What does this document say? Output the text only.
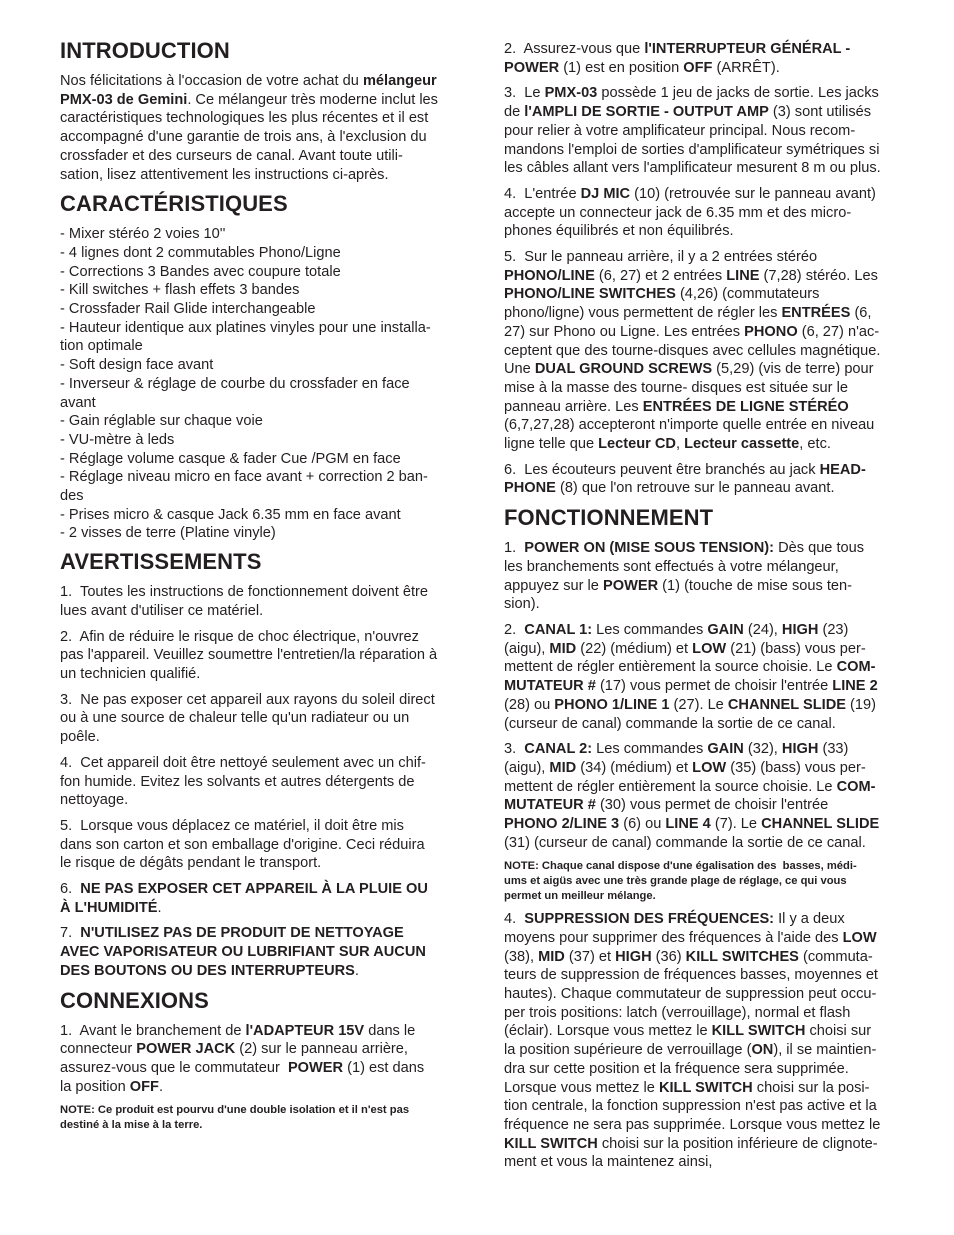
INTRODUCTION

Nos félicitations à l'occasion de votre achat du mélangeur PMX-03 de Gemini. Ce mélangeur très moderne inclut les caractéristiques technologiques les plus récentes et il est accompagné d'une garantie de trois ans, à l'exclusion du crossfader et des curseurs de canal. Avant toute utili-
sation, lisez attentivement les instructions ci-après.

CARACTÉRISTIQUES
- Mixer stéréo 2 voies 10''
- 4 lignes dont 2 commutables Phono/Ligne
- Corrections 3 Bandes avec coupure totale
- Kill switches + flash effets 3 bandes
- Crossfader Rail Glide interchangeable
- Hauteur identique aux platines vinyles pour une installa-
tion optimale
- Soft design face avant
- Inverseur & réglage de courbe du crossfader en face
avant
- Gain réglable sur chaque voie
- VU-mètre à leds
- Réglage volume casque & fader Cue /PGM en face
- Réglage niveau micro en face avant + correction 2 ban-
des
- Prises micro & casque Jack 6.35 mm en face avant
- 2 visses de terre (Platine vinyle)
AVERTISSEMENTS

1.  Toutes les instructions de fonctionnement doivent être
lues avant d'utiliser ce matériel.

2.  Afin de réduire le risque de choc électrique, n'ouvrez
pas l'appareil. Veuillez soumettre l'entretien/la réparation à
un technicien qualifié.

3.  Ne pas exposer cet appareil aux rayons du soleil direct
ou à une source de chaleur telle qu'un radiateur ou un
poêle.

4.  Cet appareil doit être nettoyé seulement avec un chif-
fon humide. Evitez les solvants et autres détergents de
nettoyage.

5.  Lorsque vous déplacez ce matériel, il doit être mis
dans son carton et son emballage d'origine. Ceci réduira
le risque de dégâts pendant le transport.

6.  NE PAS EXPOSER CET APPAREIL À LA PLUIE OU
À L'HUMIDITÉ.

7.  N'UTILISEZ PAS DE PRODUIT DE NETTOYAGE
AVEC VAPORISATEUR OU LUBRIFIANT SUR AUCUN
DES BOUTONS OU DES INTERRUPTEURS.

CONNEXIONS

1.  Avant le branchement de l'ADAPTEUR 15V dans le
connecteur POWER JACK (2) sur le panneau arrière,
assurez-vous que le commutateur  POWER (1) est dans
la position OFF.

NOTE: Ce produit est pourvu d'une double isolation et il n'est pas
destiné à la mise à la terre.

2.  Assurez-vous que l'INTERRUPTEUR GÉNÉRAL -
POWER (1) est en position OFF (ARRÊT).

3.  Le PMX-03 possède 1 jeu de jacks de sortie. Les jacks
de l'AMPLI DE SORTIE - OUTPUT AMP (3) sont utilisés
pour relier à votre amplificateur principal. Nous recom-
mandons l'emploi de sorties d'amplificateur symétriques si
les câbles allant vers l'amplificateur mesurent 8 m ou plus.

4.  L'entrée DJ MIC (10) (retrouvée sur le panneau avant)
accepte un connecteur jack de 6.35 mm et des micro-
phones équilibrés et non équilibrés.

5.  Sur le panneau arrière, il y a 2 entrées stéréo
PHONO/LINE (6, 27) et 2 entrées LINE (7,28) stéréo. Les
PHONO/LINE SWITCHES (4,26) (commutateurs
phono/ligne) vous permettent de régler les ENTRÉES (6,
27) sur Phono ou Ligne. Les entrées PHONO (6, 27) n'ac-
ceptent que des tourne-disques avec cellules magnétique.
Une DUAL GROUND SCREWS (5,29) (vis de terre) pour
mise à la masse des tourne- disques est située sur le
panneau arrière. Les ENTRÉES DE LIGNE STÉRÉO
(6,7,27,28) accepteront n'importe quelle entrée en niveau
ligne telle que Lecteur CD, Lecteur cassette, etc.

6.  Les écouteurs peuvent être branchés au jack HEAD-
PHONE (8) que l'on retrouve sur le panneau avant.

FONCTIONNEMENT

1.  POWER ON (MISE SOUS TENSION): Dès que tous
les branchements sont effectués à votre mélangeur,
appuyez sur le POWER (1) (touche de mise sous ten-
sion).

2.  CANAL 1: Les commandes GAIN (24), HIGH (23)
(aigu), MID (22) (médium) et LOW (21) (bass) vous per-
mettent de régler entièrement la source choisie. Le COM-
MUTATEUR # (17) vous permet de choisir l'entrée LINE 2
(28) ou PHONO 1/LINE 1 (27). Le CHANNEL SLIDE (19)
(curseur de canal) commande la sortie de ce canal.

3.  CANAL 2: Les commandes GAIN (32), HIGH (33)
(aigu), MID (34) (médium) et LOW (35) (bass) vous per-
mettent de régler entièrement la source choisie. Le COM-
MUTATEUR # (30) vous permet de choisir l'entrée
PHONO 2/LINE 3 (6) ou LINE 4 (7). Le CHANNEL SLIDE
(31) (curseur de canal) commande la sortie de ce canal.

NOTE: Chaque canal dispose d'une égalisation des  basses, médi-
ums et aigüs avec une très grande plage de réglage, ce qui vous
permet un meilleur mélange.

4.  SUPPRESSION DES FRÉQUENCES: Il y a deux
moyens pour supprimer des fréquences à l'aide des LOW
(38), MID (37) et HIGH (36) KILL SWITCHES (commuta-
teurs de suppression de fréquences basses, moyennes et
hautes). Chaque commutateur de suppression peut occu-
per trois positions: latch (verrouillage), normal et flash
(éclair). Lorsque vous mettez le KILL SWITCH choisi sur
la position supérieure de verrouillage (ON), il se maintien-
dra sur cette position et la fréquence sera supprimée.
Lorsque vous mettez le KILL SWITCH choisi sur la posi-
tion centrale, la fonction suppression n'est pas active et la
fréquence ne sera pas supprimée. Lorsque vous mettez le
KILL SWITCH choisi sur la position inférieure de clignote-
ment et vous la maintenez ainsi,
